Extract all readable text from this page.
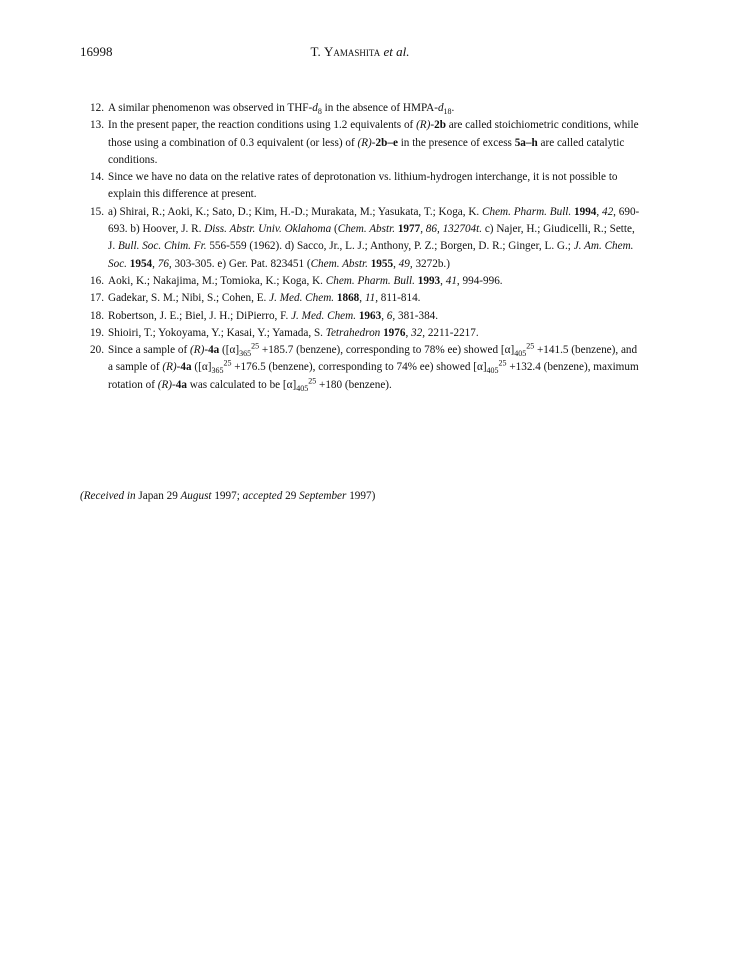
16998	T. Yamashita et al.
12. A similar phenomenon was observed in THF-$d_8$ in the absence of HMPA-$d_{18}$.
13. In the present paper, the reaction conditions using 1.2 equivalents of (R)-2b are called stoichiometric conditions, while those using a combination of 0.3 equivalent (or less) of (R)-2b–e in the presence of excess 5a–h are called catalytic conditions.
14. Since we have no data on the relative rates of deprotonation vs. lithium-hydrogen interchange, it is not possible to explain this difference at present.
15. a) Shirai, R.; Aoki, K.; Sato, D.; Kim, H.-D.; Murakata, M.; Yasukata, T.; Koga, K. Chem. Pharm. Bull. 1994, 42, 690-693. b) Hoover, J. R. Diss. Abstr. Univ. Oklahoma (Chem. Abstr. 1977, 86, 132704t. c) Najer, H.; Giudicelli, R.; Sette, J. Bull. Soc. Chim. Fr. 556-559 (1962). d) Sacco, Jr., L. J.; Anthony, P. Z.; Borgen, D. R.; Ginger, L. G.; J. Am. Chem. Soc. 1954, 76, 303-305. e) Ger. Pat. 823451 (Chem. Abstr. 1955, 49, 3272b.)
16. Aoki, K.; Nakajima, M.; Tomioka, K.; Koga, K. Chem. Pharm. Bull. 1993, 41, 994-996.
17. Gadekar, S. M.; Nibi, S.; Cohen, E. J. Med. Chem. 1868, 11, 811-814.
18. Robertson, J. E.; Biel, J. H.; DiPierro, F. J. Med. Chem. 1963, 6, 381-384.
19. Shioiri, T.; Yokoyama, Y.; Kasai, Y.; Yamada, S. Tetrahedron 1976, 32, 2211-2217.
20. Since a sample of (R)-4a ($[\alpha]_{365}^{25} +185.7$ (benzene), corresponding to 78% ee) showed $[\alpha]_{405}^{25} +141.5$ (benzene), and a sample of (R)-4a ($[\alpha]_{365}^{25} +176.5$ (benzene), corresponding to 74% ee) showed $[\alpha]_{405}^{25} +132.4$ (benzene), maximum rotation of (R)-4a was calculated to be $[\alpha]_{405}^{25} +180$ (benzene).
(Received in Japan 29 August 1997; accepted 29 September 1997)
